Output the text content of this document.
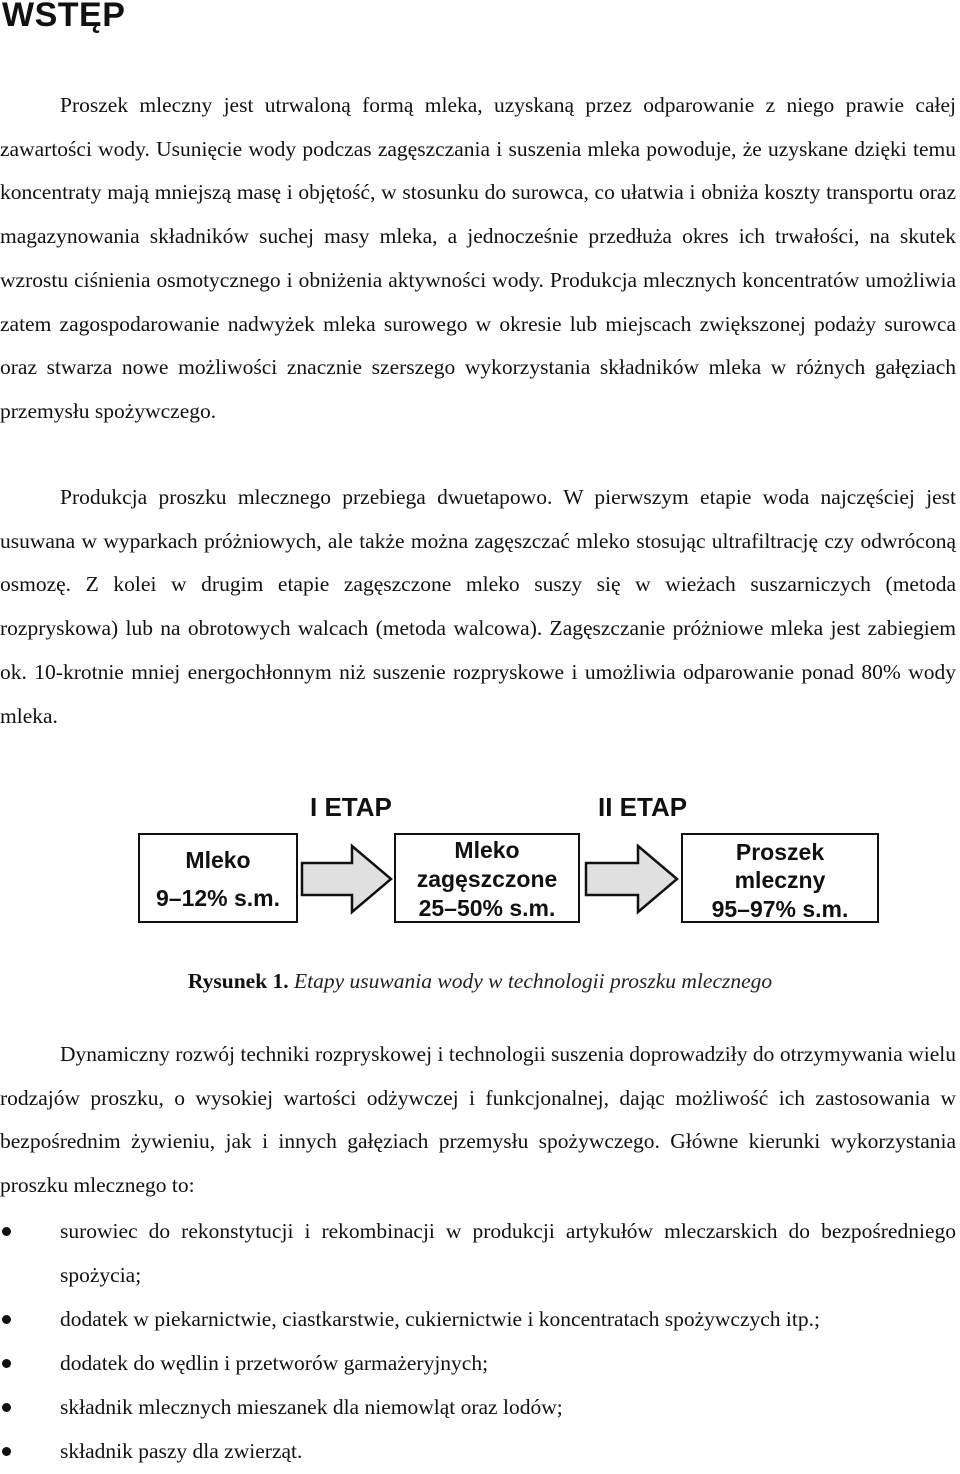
WSTĘP

Proszek mleczny jest utrwaloną formą mleka, uzyskaną przez odparowanie z niego prawie całej zawartości wody. Usunięcie wody podczas zagęszczania i suszenia mleka powoduje, że uzyskane dzięki temu koncentraty mają mniejszą masę i objętość, w stosunku do surowca, co ułatwia i obniża koszty transportu oraz magazynowania składników suchej masy mleka, a jednocześnie przedłuża okres ich trwałości, na skutek wzrostu ciśnienia osmotycznego i obniżenia aktywności wody. Produkcja mlecznych koncentratów umożliwia zatem zagospodarowanie nadwyżek mleka surowego w okresie lub miejscach zwiększonej podaży surowca oraz stwarza nowe możliwości znacznie szerszego wykorzystania składników mleka w różnych gałęziach przemysłu spożywczego.

Produkcja proszku mlecznego przebiega dwuetapowo. W pierwszym etapie woda najczęściej jest usuwana w wyparkach próżniowych, ale także można zagęszczać mleko stosując ultrafiltrację czy odwróconą osmozę. Z kolei w drugim etapie zagęszczone mleko suszy się w wieżach suszarniczych (metoda rozpryskowa) lub na obrotowych walcach (metoda walcowa). Zagęszczanie próżniowe mleka jest zabiegiem ok. 10-krotnie mniej energochłonnym niż suszenie rozpryskowe i umożliwia odparowanie ponad 80% wody mleka.

I ETAP	II ETAP
Mleko
9–12% s.m.
Mleko
zagęszczone
25–50% s.m.
Proszek
mleczny
95–97% s.m.
Rysunek 1. Etapy usuwania wody w technologii proszku mlecznego

Dynamiczny rozwój techniki rozpryskowej i technologii suszenia doprowadziły do otrzymywania wielu rodzajów proszku, o wysokiej wartości odżywczej i funkcjonalnej, dając możliwość ich zastosowania w bezpośrednim żywieniu, jak i innych gałęziach przemysłu spożywczego. Główne kierunki wykorzystania proszku mlecznego to:

surowiec do rekonstytucji i rekombinacji w produkcji artykułów mleczarskich do bezpośredniego spożycia;
dodatek w piekarnictwie, ciastkarstwie, cukiernictwie i koncentratach spożywczych itp.;
dodatek do wędlin i przetworów garmażeryjnych;
składnik mlecznych mieszanek dla niemowląt oraz lodów;
składnik paszy dla zwierząt.
